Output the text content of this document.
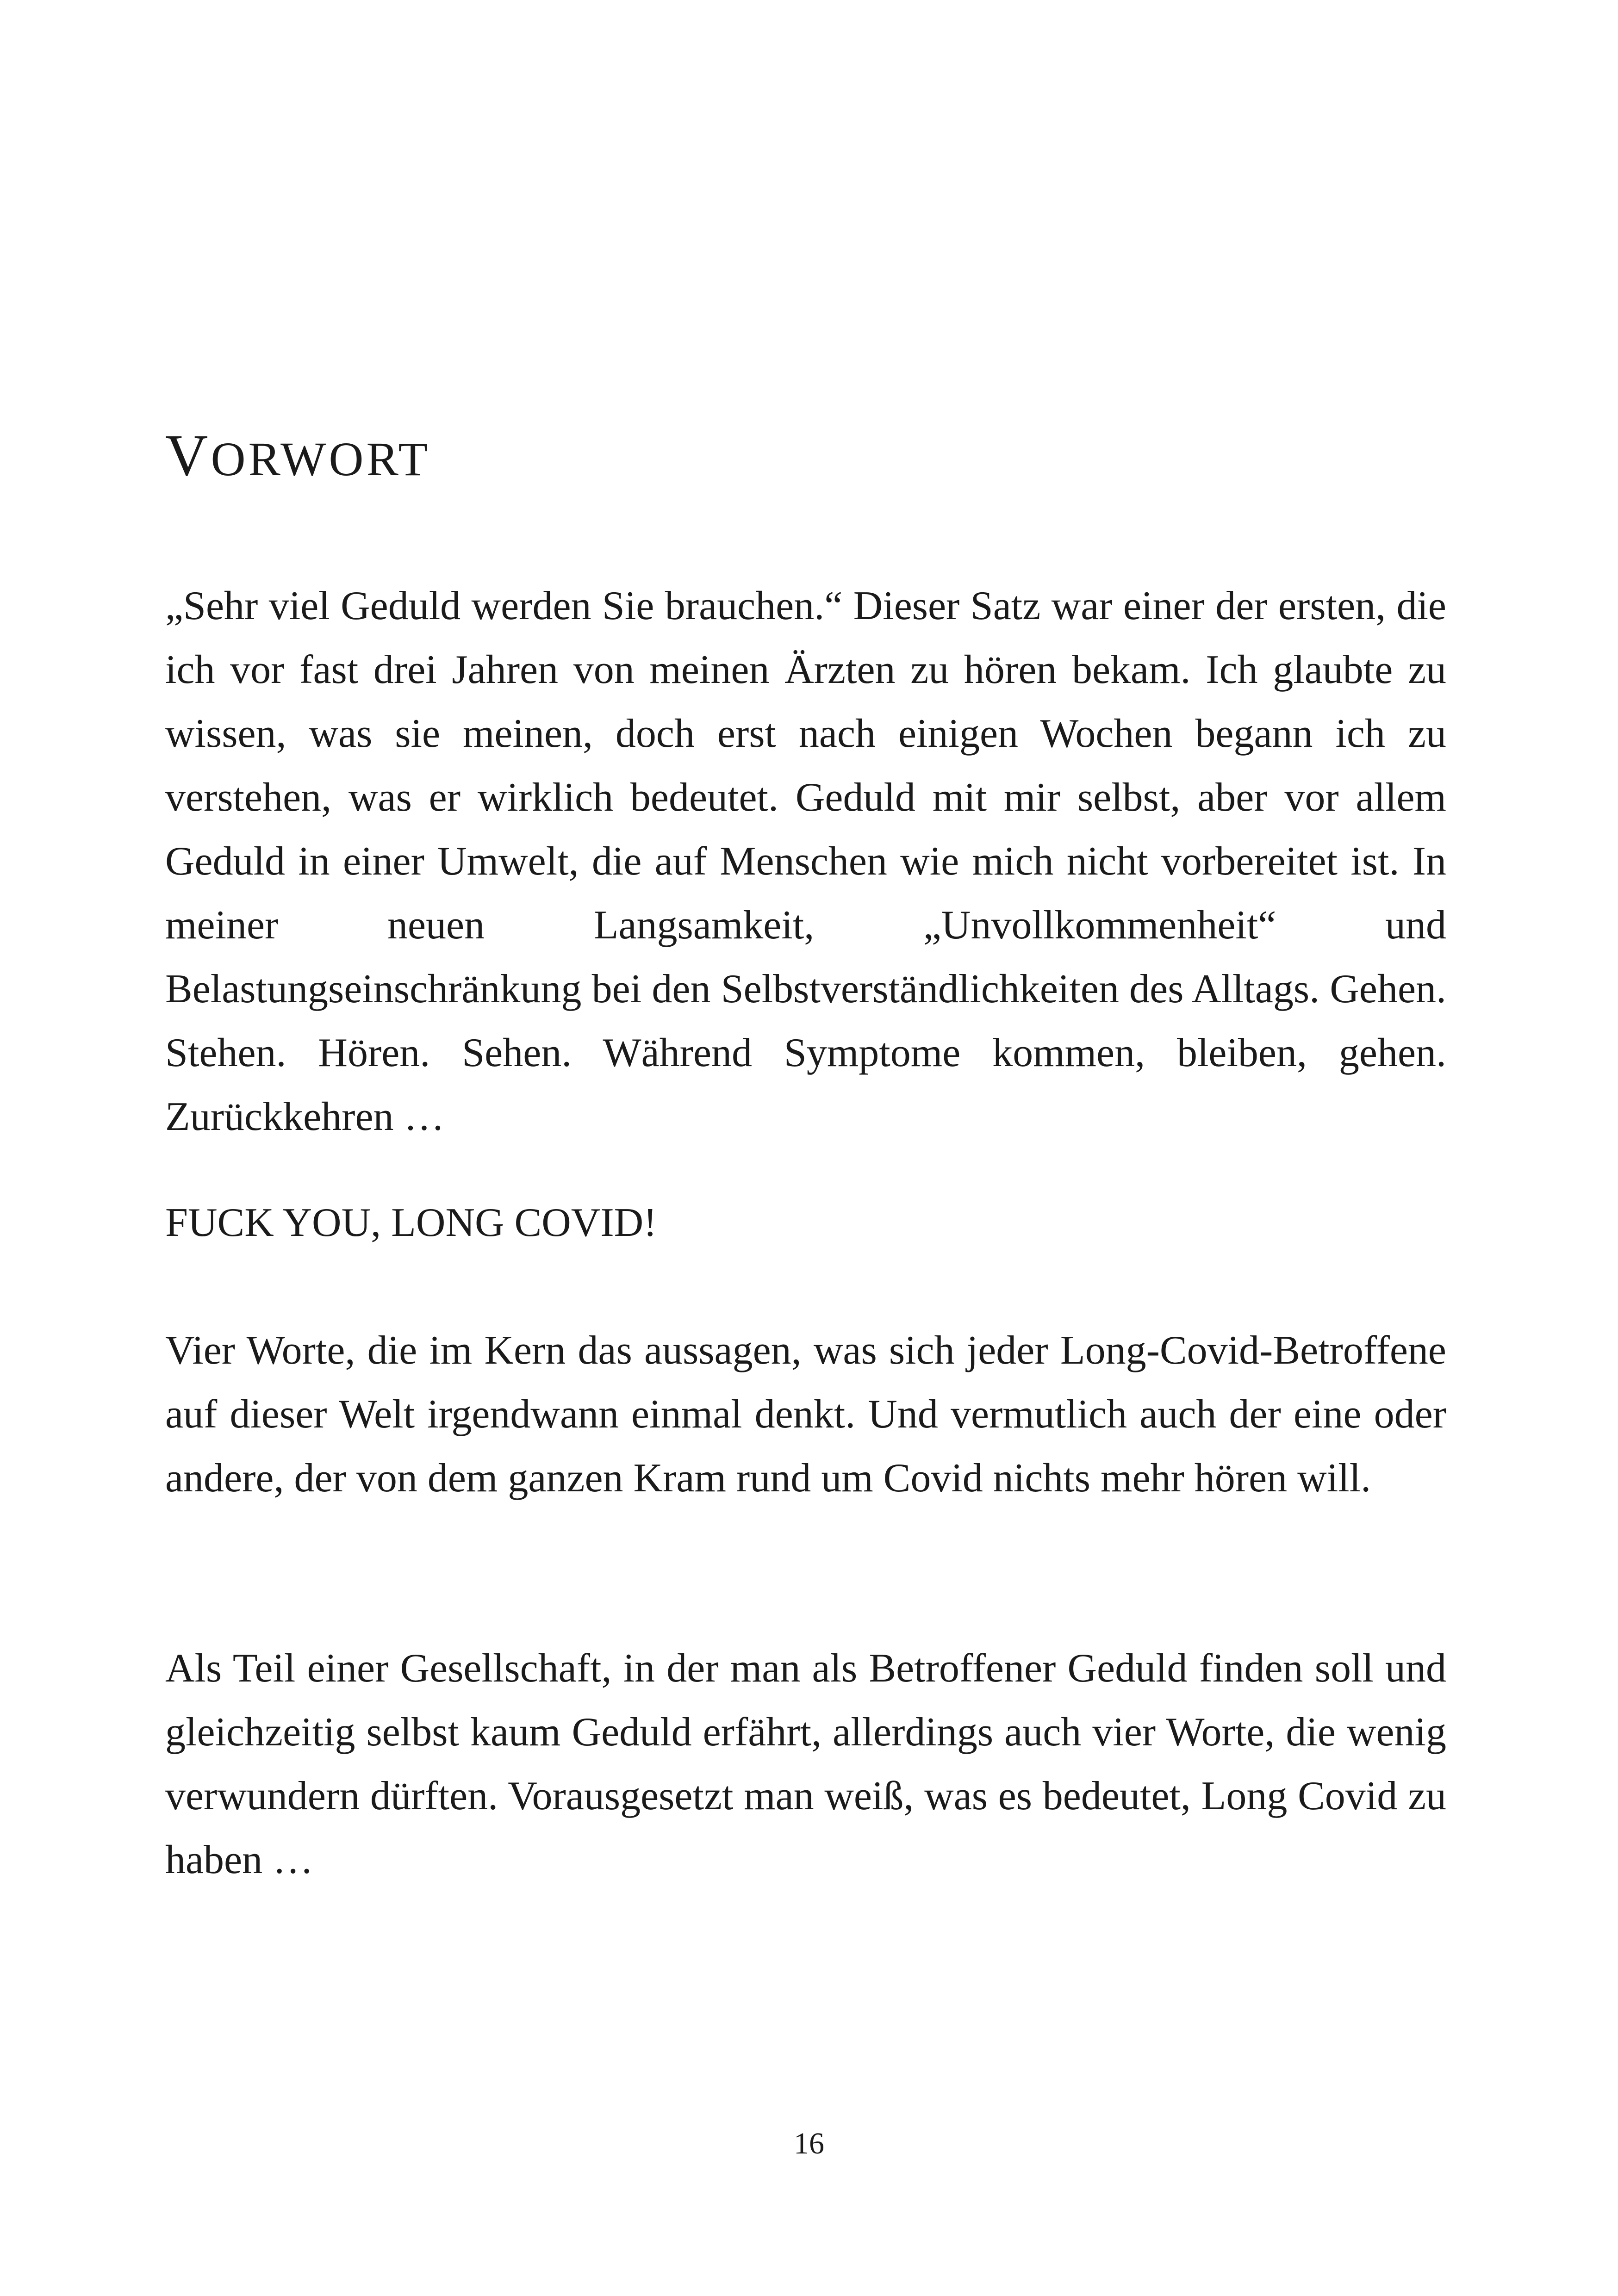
VORWORT

„Sehr viel Geduld werden Sie brauchen.“ Dieser Satz war einer der ersten, die ich vor fast drei Jahren von meinen Ärzten zu hören bekam. Ich glaubte zu wissen, was sie meinen, doch erst nach einigen Wochen begann ich zu verstehen, was er wirklich bedeutet. Geduld mit mir selbst, aber vor allem Geduld in einer Umwelt, die auf Menschen wie mich nicht vorbereitet ist. In meiner neuen Langsamkeit, „Unvollkommenheit“ und Belastungseinschränkung bei den Selbstverständlichkeiten des Alltags. Gehen. Stehen. Hören. Sehen. Während Symptome kommen, bleiben, gehen. Zurückkehren …

FUCK YOU, LONG COVID!

Vier Worte, die im Kern das aussagen, was sich jeder Long-Covid-Betroffene auf dieser Welt irgendwann einmal denkt. Und vermutlich auch der eine oder andere, der von dem ganzen Kram rund um Covid nichts mehr hören will.

Als Teil einer Gesellschaft, in der man als Betroffener Geduld finden soll und gleichzeitig selbst kaum Geduld erfährt, allerdings auch vier Worte, die wenig verwundern dürften. Vorausgesetzt man weiß, was es bedeutet, Long Covid zu haben …

16
